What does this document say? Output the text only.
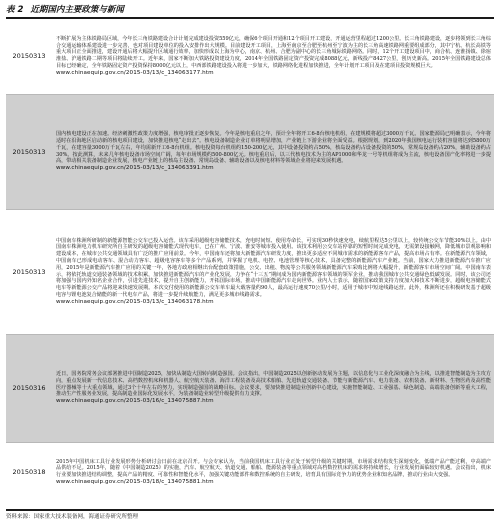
表 2 近期国内主要政策与新闻
20150313	不断扩展为主体铁路局区域，今年长三角铁路建设合计计划完成建设投资559亿元，确保6个项目开通和12个项目开工建设，开通运营里程超过1200公里。长三角铁路建设，逐步将领到长三角综合交通运输体系建设进一步完善，也对项目建设单位的投入安排作出大规模。目前建设开工项目，上海至南京至合肥至杭州至宁波为主的长三角高速铁路网重要组成部分，其中宁杭、杭长高铁等重大项目正全面推进，建设开通后将大幅提升区域通行效率，加快形成以上海为中心，南京、杭州、合肥为副中心的长三角城际铁路网络。同时，12个开工建设项目中，商合杭、连淮扬镇、徐宿淮盐、沪通铁路二期等项目将陆续开工。近年来，国家不断加大铁路投资建设力度，2014年全国铁路固定资产投资完成8088亿元，新线投产8427公里，创历史新高。2015年全国铁路建设总体目标已经确定，全年铁路固定资产投资保持8000亿元以上，中西部铁路建设投入将进一步加大，铁路网络化进程加快推进，全年计划开工项目及在建项目投资规模巨大。
www.chinaequip.gov.cn/2015-03/13/c_134063177.htm

20150313	国内核电建设正在加速。经济刺激性政策力度增强，核电审批正逐步恢复。今年是核电重启之年，预计全年将开工6-8台核电机组，在建规模将超过3000万千瓦。国家能源局已明确表示，今年将适时在沿海地区启动新的核电项目建设，加快推进核电“走出去”。核电设备制造企业订单将明显增加，产业链上下游企业将全面受益。根据规划，到2020年我国核电运行装机容量将达到5800万千瓦，在建容量3000万千瓦左右，年均需新开工6-8台机组。核电投资每台机组约150-200亿元，其中设备投资约占50%，核岛设备约占设备投资的50%，常规岛设备约占20%，辅助设备约占30%。按此测算，未来几年核电设备市场空间广阔，每年市场规模约500-800亿元。核电重启后，以三代核电技术为主的AP1000和华龙一号等机组将成为主流，核电设备国产化率将进一步提高，带动相关装备制造企业发展，核电产业链上的核岛主设备、常规岛设备、辅助设备以及核电材料等领域企业将迎来发展机遇。
www.chinaequip.gov.cn/2015-03/13/c_134063391.htm

20150313	中国南车株洲所研制的新能源智能公交车已投入运营。该车采用超级电容储能技术，充电时间短、使用寿命长，可实现30秒快速充电，续航里程达5公里以上，较传统公交车节能30%以上。由中国南车株洲电力机车研究所自主研发的超级电容储能式现代电车，已在广州、宁波、淮安等城市投入使用。该技术利用公交车站停靠的短暂时间完成充电，无需架设接触网，降低城市景观影响和建设成本，在城市公共交通领域具有广泛的推广应用前景。今年，中国南车还将加大新能源汽车研发力度，推出更多适应不同城市需求的新能源客车产品，提高市场占有率。在新能源汽车领域，中国南车已形成电动客车、混合动力客车、超级电容客车等多个产品系列，并掌握了电机、电控、电池管理等核心技术，具备完整的新能源汽车产业链。当前，国家大力推进新能源汽车推广应用，2015年是新能源汽车推广应用的关键一年，各地方政府相继出台配套政策措施，公交、出租、物流等公共服务领域新能源汽车采购比例将大幅提升，新能源客车市场空间广阔。中国南车表示，将依托轨道交通装备领域的技术积累，加快推进新能源汽车的产业化发展，力争在“十三五”期间成为国内新能源客车领域的领军企业，推动我国城市公共交通绿色低碳发展。同时，该公司还将加强与国内外知名企业合作，引进先进技术，提升自主创新能力，开拓国际市场，推动中国新能源汽车走向世界。业内人士表示，随着国家政策支持力度加大和技术不断进步，超级电容储能式电车等新能源公交产品将迎来快速发展期。本次交付使用的新能源公交车单车最大载客量约90人，最高运行速度70公里/小时，适用于城市中短途线路运营。此外，株洲所还在积极研发基于超级电容与锂电池复合储能的新一代电车产品，将进一步提升续航能力，满足更多城市线路需求。
www.chinaequip.gov.cn/2015-03/13/c_134063178.htm

20150316	近日，国务院常务会议部署推进中国制造2025，加快从制造大国转向制造强国。会议指出，中国制造2025以创新驱动发展为主题，以信息化与工业化深度融合为主线，以推进智能制造为主攻方向，重点发展新一代信息技术、高档数控机床和机器人、航空航天装备、海洋工程装备及高技术船舶、先进轨道交通装备、节能与新能源汽车、电力装备、农机装备、新材料、生物医药及高性能医疗器械等十大重点领域，通过3个十年左右的努力，实现制造强国的战略目标。会议要求，要加快推进制造业创新中心建设，实施智能制造、工业强基、绿色制造、高端装备创新等重大工程，推动生产性服务业发展，提高制造业国际化发展水平，为装备制造业转型升级提供有力支撑。
www.chinaequip.gov.cn/2015-03/16/c_134075887.htm

20150318	2015年中国机床工具行业发展形势分析研讨会日前在北京召开。与会专家认为，当前我国机床工具行业正处于转型升级的关键时期，市场需求结构发生深刻变化，低端产品产能过剩，中高端产品供给不足。2015年，随着《中国制造2025》的实施，汽车、航空航天、轨道交通、船舶、能源装备等重点领域对高档数控机床的需求将持续增长，行业发展仍面临较好机遇。会议指出，机床行业要加快推进结构调整，提高产品的精度、可靠性和智能化水平，加强关键功能部件和数控系统的自主研发，培育具有国际竞争力的优势企业和知名品牌，推动行业由大变强。
www.chinaequip.gov.cn/2015-03/18/c_134075881.htm
资料来源：国家重大技术装备网，海通证券研究所整理
